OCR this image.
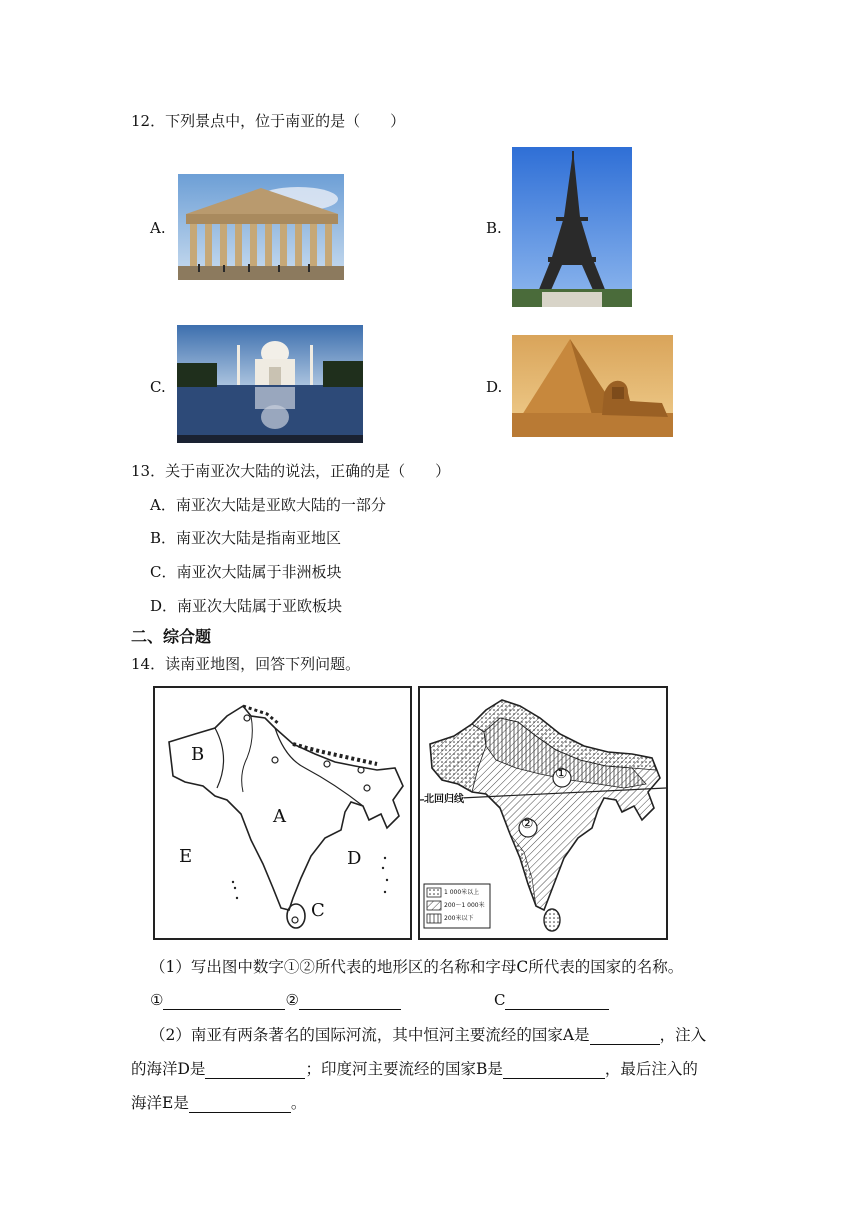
12．下列景点中，位于南亚的是（　　）
A.	B.
C.	D.
13．关于南亚次大陆的说法，正确的是（　　）
A．南亚次大陆是亚欧大陆的一部分
B．南亚次大陆是指南亚地区
C．南亚次大陆属于非洲板块
D．南亚次大陆属于亚欧板块
二、综合题
14．读南亚地图，回答下列问题。
B
A
E	D
C
①
②
北回归线
1 000米以上
200～1 000米
200米以下
（1）写出图中数字①②所代表的地形区的名称和字母C所代表的国家的名称。
①	②	C
（2）南亚有两条著名的国际河流，其中恒河主要流经的国家A是	，注入
的海洋D是	；印度河主要流经的国家B是	，最后注入的
海洋E是	。
